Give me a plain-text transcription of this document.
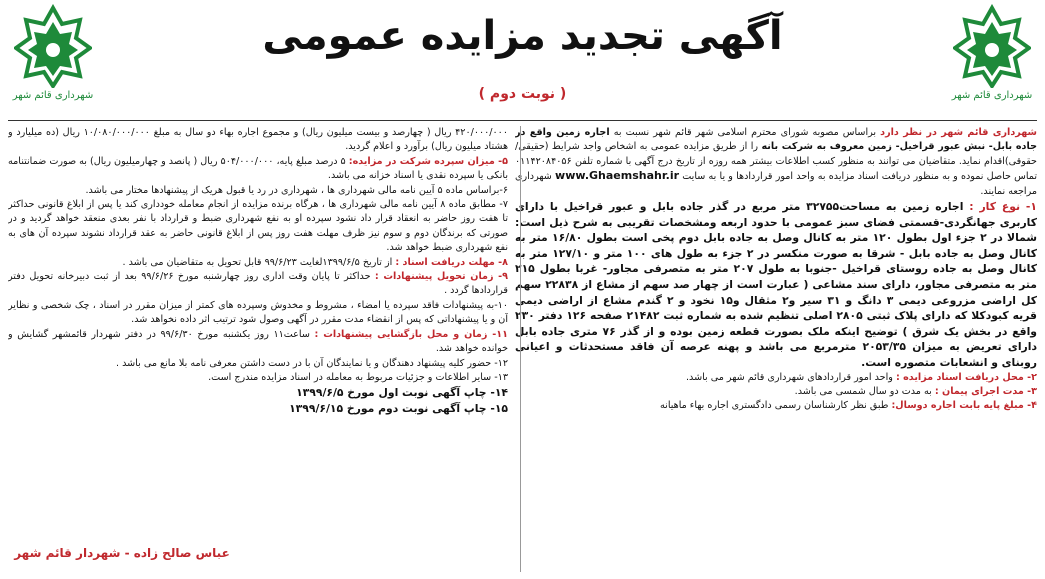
شهرداری قائم شهر
شهرداری قائم شهر
آگهی تجدید مزایده عمومی
( نوبت دوم )

شهرداری قائم شهر در نظر دارد براساس مصوبه شورای محترم اسلامی شهر قائم شهر نسبت به اجاره زمین واقع در جاده بابل- نبش عبور قراخیل- زمین معروف به شرکت بانه را از طریق مزایده عمومی به اشخاص واجد شرایط (حقیقی/حقوقی)اقدام نماید. متقاضیان می توانند به منظور کسب اطلاعات بیشتر همه روزه از تاریخ درج آگهی با شماره تلفن ۰۱۱۴۲۰۸۴۰۵۶ تماس حاصل نموده و به منظور دریافت اسناد مزایده به واحد امور قراردادها و یا به سایت www.Ghaemshahr.ir شهرداری مراجعه نمایند.

۱- نوع کار : اجاره زمین به مساحت۳۲۷۵۵ متر مربع در گذر جاده بابل و عبور قراخیل با دارای کاربری جهانگردی-قسمتی فضای سبز عمومی با حدود اربعه ومشخصات تقریبی به شرح ذیل است: شمالا در ۲ جزء اول بطول ۱۲۰ متر به کانال وصل به جاده بابل دوم پخی است بطول ۱۶/۸۰ متر به کانال وصل به جاده بابل - شرقا به صورت منکسر در ۲ جزء به طول های ۱۰۰ متر و ۱۲۷/۱۰ متر به کانال وصل به جاده روستای قراخیل -جنوبا به طول ۲۰۷ متر به متصرفی مجاور- غربا بطول ۲۱۵ متر به متصرفی مجاور، دارای سند مشاعی ( عبارت است از چهار صد سهم از مشاع از ۲۲۸۳۸ سهم کل اراضی مزروعی دیمی ۳ دانگ و ۳۱ سیر و۲ مثقال و۱۵ نخود و ۲ گندم مشاع از اراضی دیمی قریه کبودکلا که دارای پلاک ثبتی ۲۸۰۵ اصلی تنظیم شده به شماره ثبت ۲۱۴۸۲ صفحه ۱۲۶ دفتر ۲۳۰ واقع در بخش یک شرق ) توضیح اینکه ملک بصورت قطعه زمین بوده و از گذر ۷۶ متری جاده بابل دارای تعریض به میزان ۲۰۵۳/۳۵ مترمربع می باشد و پهنه عرصه آن فاقد مستحدثات و اعیانی روبنای و انشعابات متصوره است.

۲- محل دریافت اسناد مزایده : واحد امور قراردادهای شهرداری قائم شهر می باشد.

۳- مدت اجرای پیمان : به مدت دو سال شمسی می باشد.

۴- مبلغ پایه بابت اجاره دوسال: طبق نظر کارشناسان رسمی دادگستری اجاره بهاء ماهیانه

۴۲۰/۰۰۰/۰۰۰ ریال ( چهارصد و بیست میلیون ریال) و مجموع اجاره بهاء دو سال به مبلغ ۱۰/۰۸۰/۰۰۰/۰۰۰ ریال (ده میلیارد و هشتاد میلیون ریال) برآورد و اعلام گردید.

۵- میزان سپرده شرکت در مزایده: ۵ درصد مبلغ پایه، ۵۰۴/۰۰۰/۰۰۰ ریال ( پانصد و چهارمیلیون ریال) به صورت ضمانتنامه بانکی یا سپرده نقدی یا اسناد خزانه می باشد.

۶-براساس ماده ۵ آیین نامه مالی شهرداری ها ، شهرداری در رد یا قبول هریک از پیشنهادها مختار می باشد.

۷- مطابق ماده ۸ آیین نامه مالی شهرداری ها ، هرگاه برنده مزایده از انجام معامله خودداری کند یا پس از ابلاغ قانونی حداکثر تا هفت روز حاضر به انعقاد قرار داد نشود سپرده او به نفع شهرداری ضبط و قرارداد با نفر بعدی منعقد خواهد گردید و در صورتی که برندگان دوم و سوم نیز ظرف مهلت هفت روز پس از ابلاغ قانونی حاضر به عقد قرارداد نشوند سپرده آن های به نفع شهرداری ضبط خواهد شد.

۸- مهلت دریافت اسناد : از تاریخ ۱۳۹۹/۶/۵لغایت ۹۹/۶/۲۳ قابل تحویل به متقاضیان می باشد .

۹- زمان تحویل پیشنهادات : حداکثر تا پایان وقت اداری روز چهارشنبه مورخ ۹۹/۶/۲۶ بعد از ثبت دبیرخانه تحویل دفتر قراردادها گردد .

۱۰-به پیشنهادات فاقد سپرده یا امضاء ، مشروط و مخدوش وسپرده های کمتر از میزان مقرر در اسناد ، چک شخصی و نظایر آن و یا پیشنهاداتی که پس از انقضاء مدت مقرر در آگهی وصول شود ترتیب اثر داده نخواهد شد.

۱۱- زمان و محل بازگشایی پیشنهادات : ساعت۱۱ روز یکشنبه مورخ ۹۹/۶/۳۰ در دفتر شهردار قائمشهر گشایش و خوانده خواهد شد.

۱۲- حضور کلیه پیشنهاد دهندگان و یا نمایندگان آن با در دست داشتن معرفی نامه بلا مانع می باشد .

۱۳- سایر اطلاعات و جزئیات مربوط به معامله در اسناد مزایده مندرج است.

۱۴- چاپ آگهی نوبت اول مورخ ۱۳۹۹/۶/۵

۱۵- چاپ آگهی نوبت دوم مورخ ۱۳۹۹/۶/۱۵

عباس صالح زاده - شهردار قائم شهر
